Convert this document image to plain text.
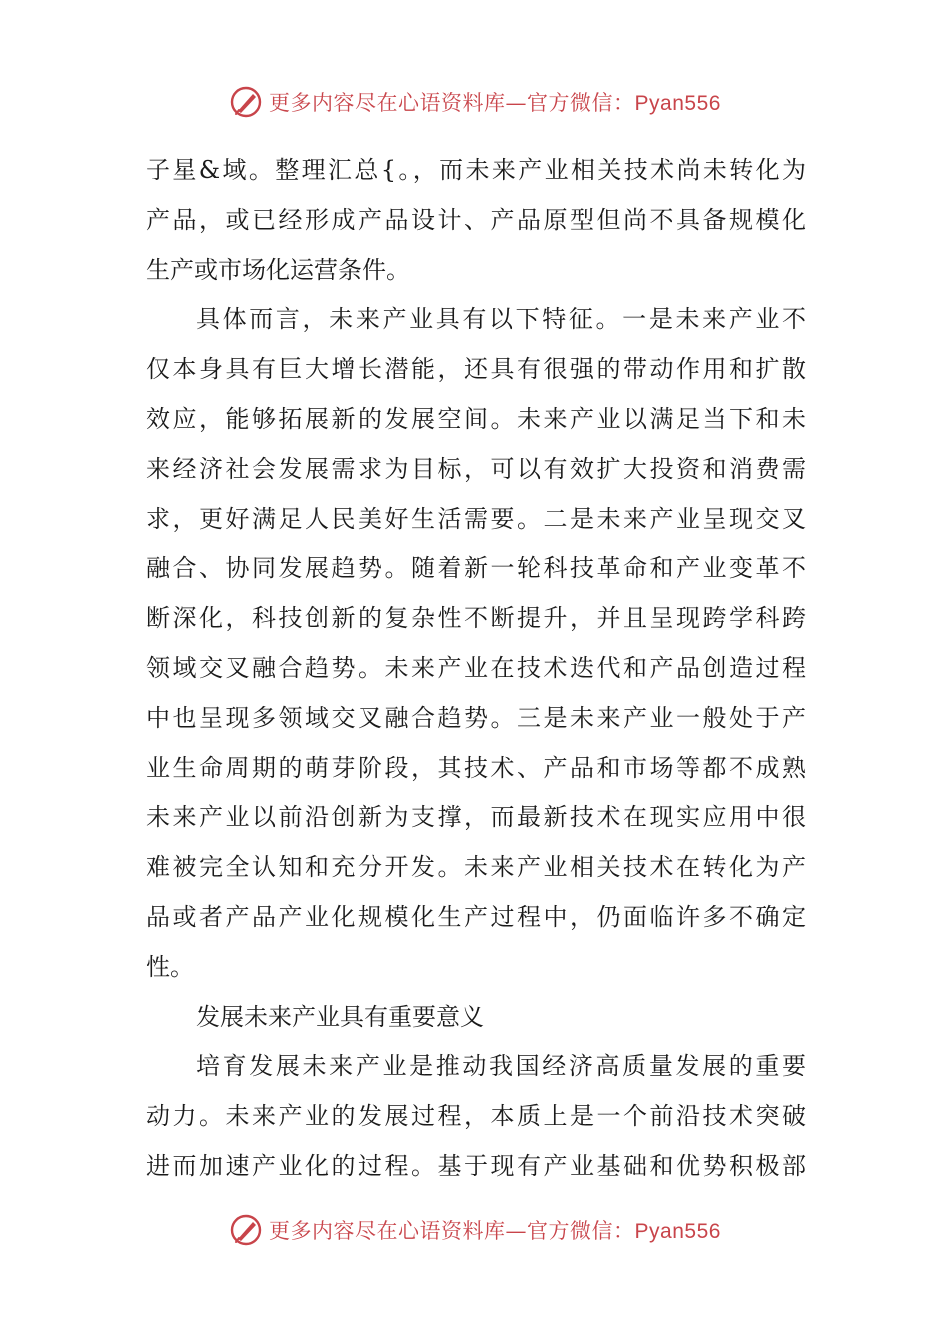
更多内容尽在心语资料库—官方微信：Pyan556
子星&域。整理汇总{。，而未来产业相关技术尚未转化为
产品，或已经形成产品设计、产品原型但尚不具备规模化
生产或市场化运营条件。
具体而言，未来产业具有以下特征。一是未来产业不
仅本身具有巨大增长潜能，还具有很强的带动作用和扩散
效应，能够拓展新的发展空间。未来产业以满足当下和未
来经济社会发展需求为目标，可以有效扩大投资和消费需
求，更好满足人民美好生活需要。二是未来产业呈现交叉
融合、协同发展趋势。随着新一轮科技革命和产业变革不
断深化，科技创新的复杂性不断提升，并且呈现跨学科跨
领域交叉融合趋势。未来产业在技术迭代和产品创造过程
中也呈现多领域交叉融合趋势。三是未来产业一般处于产
业生命周期的萌芽阶段，其技术、产品和市场等都不成熟
未来产业以前沿创新为支撑，而最新技术在现实应用中很
难被完全认知和充分开发。未来产业相关技术在转化为产
品或者产品产业化规模化生产过程中，仍面临许多不确定
性。
发展未来产业具有重要意义
培育发展未来产业是推动我国经济高质量发展的重要
动力。未来产业的发展过程，本质上是一个前沿技术突破
进而加速产业化的过程。基于现有产业基础和优势积极部
更多内容尽在心语资料库—官方微信：Pyan556
